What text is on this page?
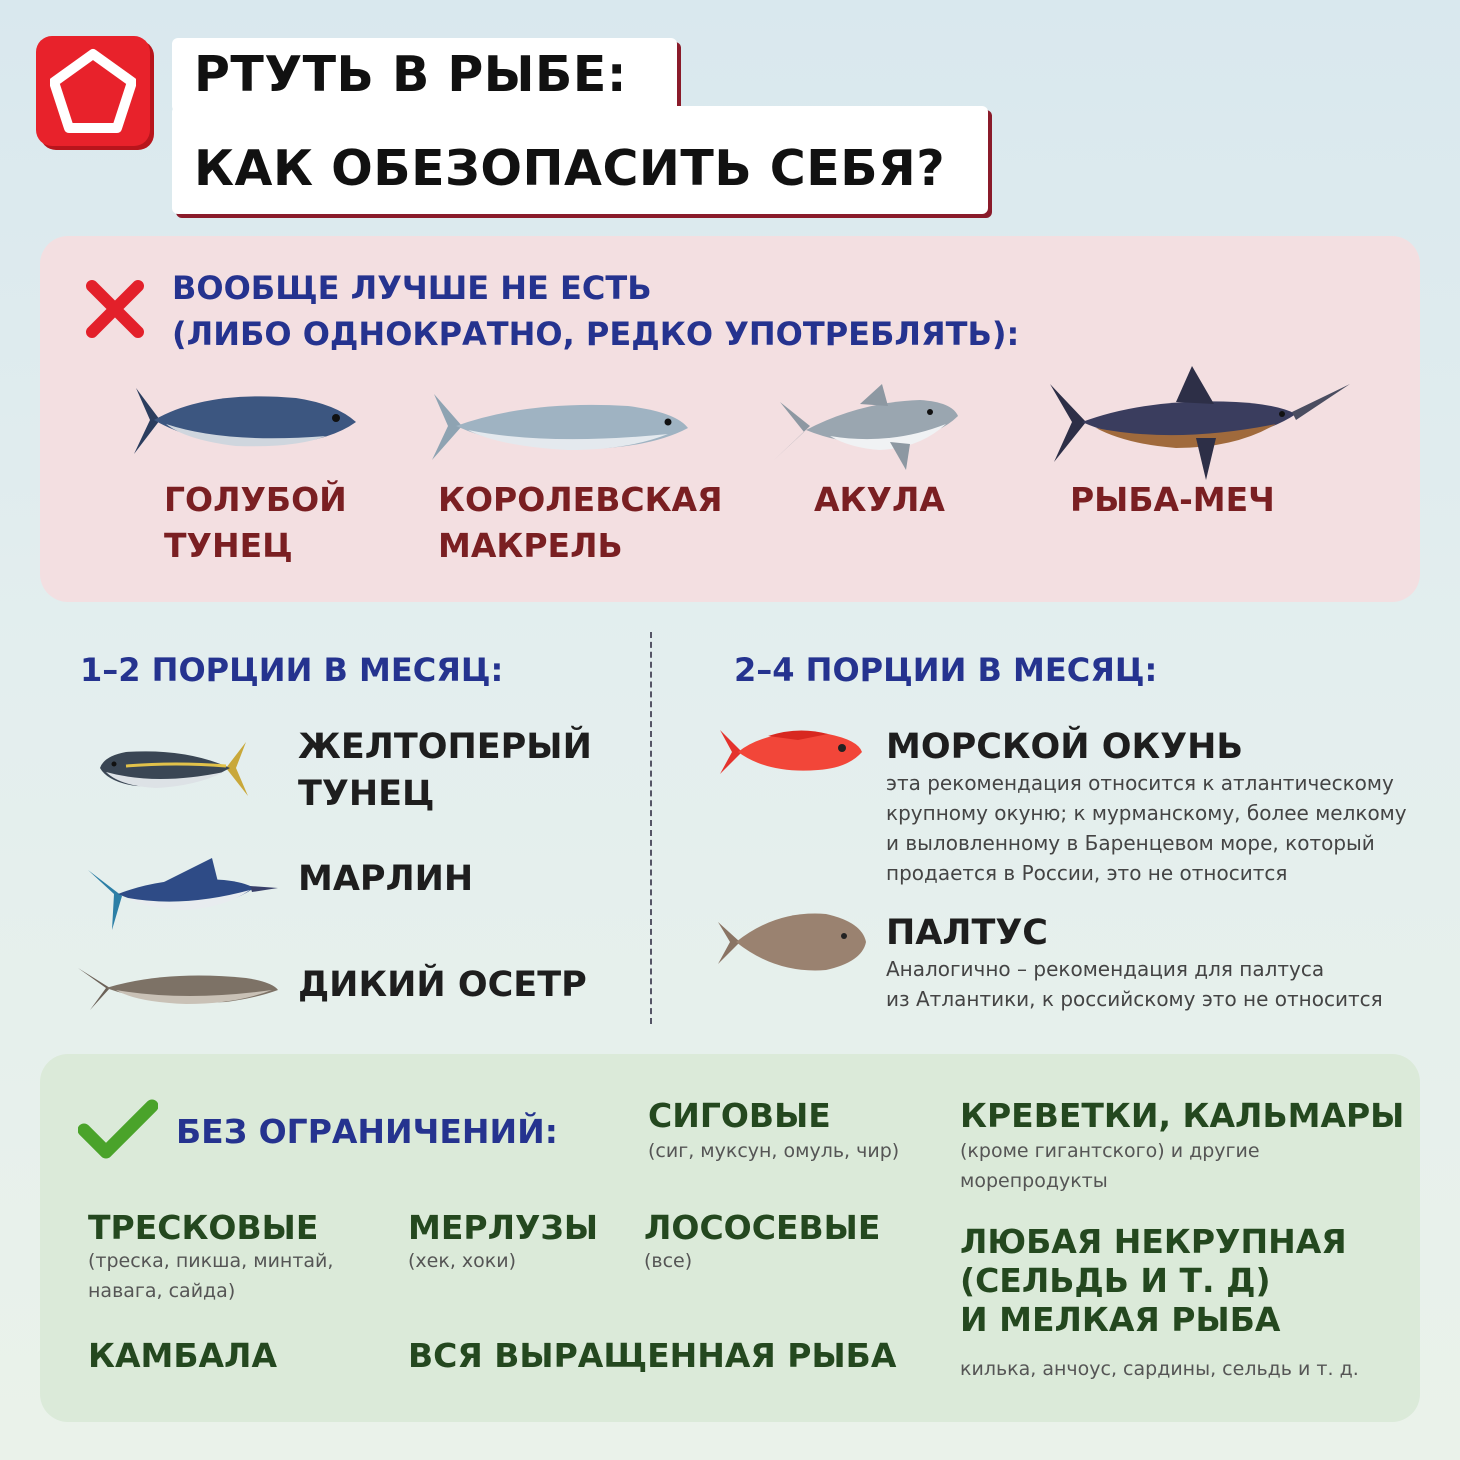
РТУТЬ В РЫБЕ:
КАК ОБЕЗОПАСИТЬ СЕБЯ?
ВООБЩЕ ЛУЧШЕ НЕ ЕСТЬ
(ЛИБО ОДНОКРАТНО, РЕДКО УПОТРЕБЛЯТЬ):
ГОЛУБОЙ
ТУНЕЦ
КОРОЛЕВСКАЯ
МАКРЕЛЬ
АКУЛА	РЫБА-МЕЧ
1–2 ПОРЦИИ В МЕСЯЦ:	2–4 ПОРЦИИ В МЕСЯЦ:
ЖЕЛТОПЕРЫЙ
ТУНЕЦ
МАРЛИН
ДИКИЙ ОСЕТР
МОРСКОЙ ОКУНЬ
эта рекомендация относится к атлантическому
крупному окуню; к мурманскому, более мелкому
и выловленному в Баренцевом море, который
продается в России, это не относится
ПАЛТУС
Аналогично – рекомендация для палтуса
из Атлантики, к российскому это не относится
БЕЗ ОГРАНИЧЕНИЙ:	СИГОВЫЕ
(сиг, муксун, омуль, чир)
КРЕВЕТКИ, КАЛЬМАРЫ
(кроме гигантского) и другие
морепродукты
ТРЕСКОВЫЕ
(треска, пикша, минтай,
навага, сайда)
МЕРЛУЗЫ
(хек, хоки)
ЛОСОСЕВЫЕ
(все)	ЛЮБАЯ НЕКРУПНАЯ
(СЕЛЬДЬ И Т. Д)
И МЕЛКАЯ РЫБА
килька, анчоус, сардины, сельдь и т. д.
КАМБАЛА	ВСЯ ВЫРАЩЕННАЯ РЫБА
